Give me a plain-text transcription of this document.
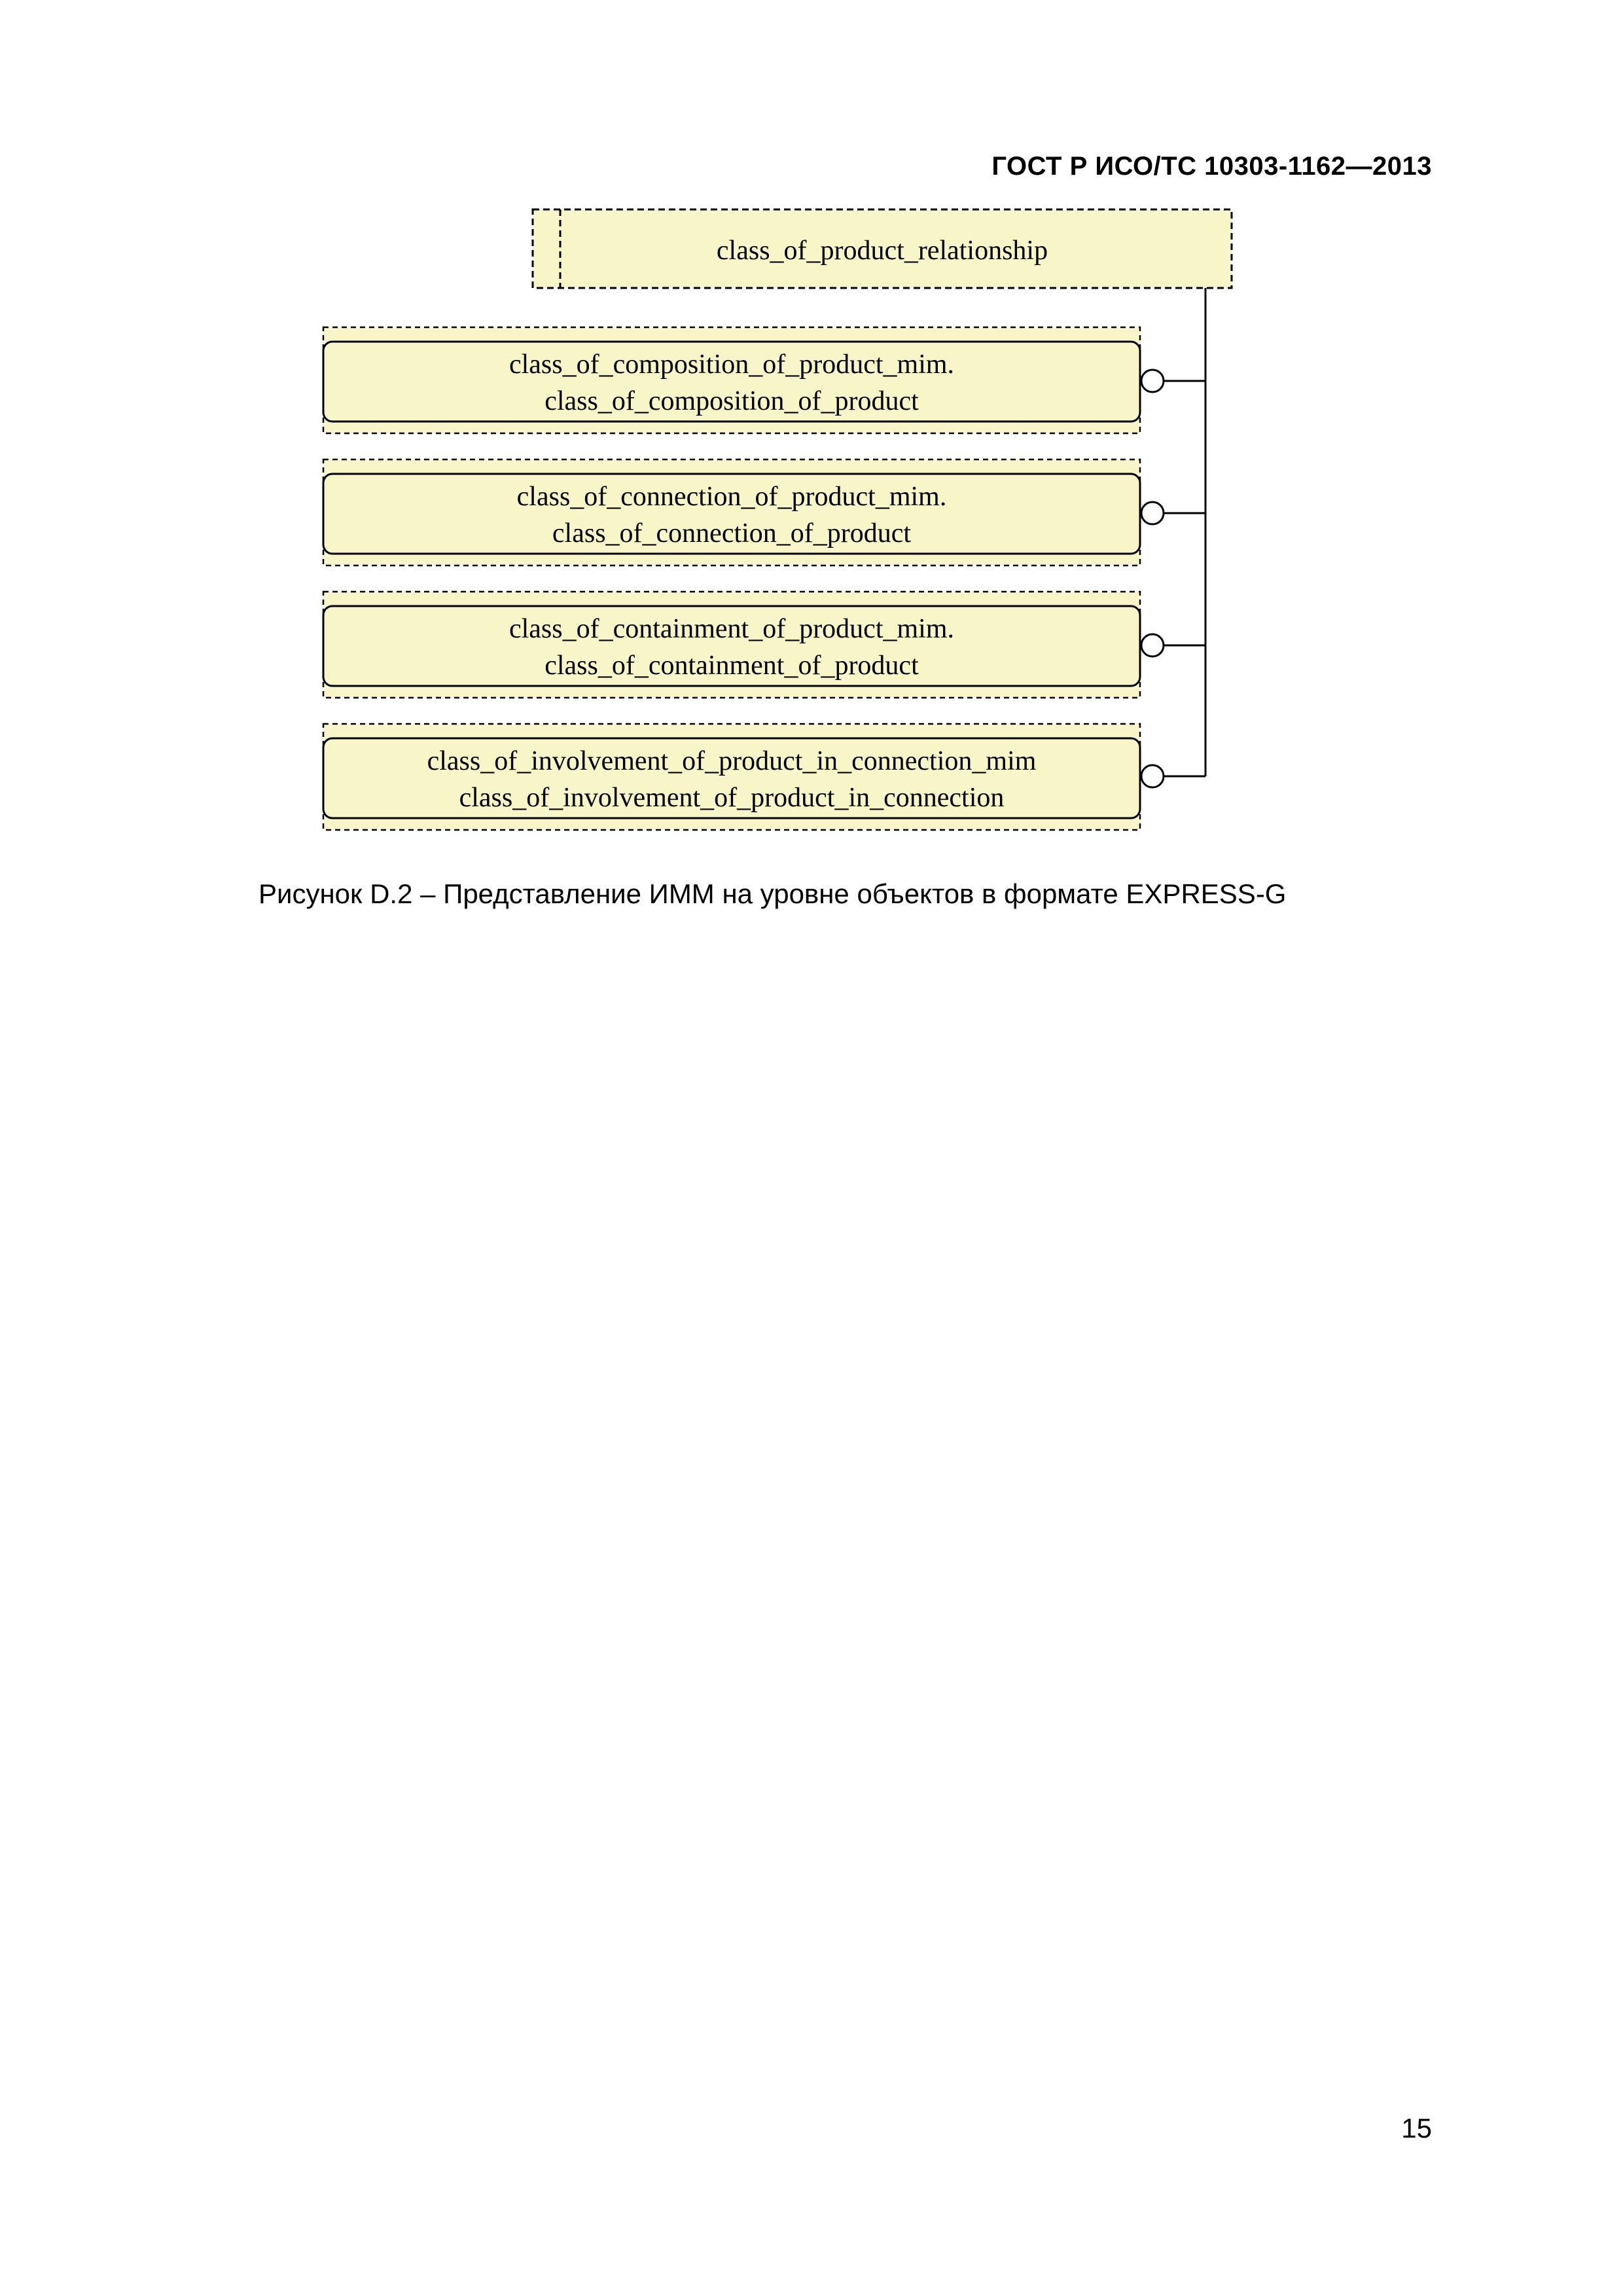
ГОСТ Р ИСО/ТС 10303-1162—2013
class_of_product_relationship
class_of_composition_of_product_mim.
class_of_composition_of_product
class_of_connection_of_product_mim.
class_of_connection_of_product
class_of_containment_of_product_mim.
class_of_containment_of_product
class_of_involvement_of_product_in_connection_mim
class_of_involvement_of_product_in_connection
Рисунок D.2 – Представление ИММ на уровне объектов в формате EXPRESS-G
15
